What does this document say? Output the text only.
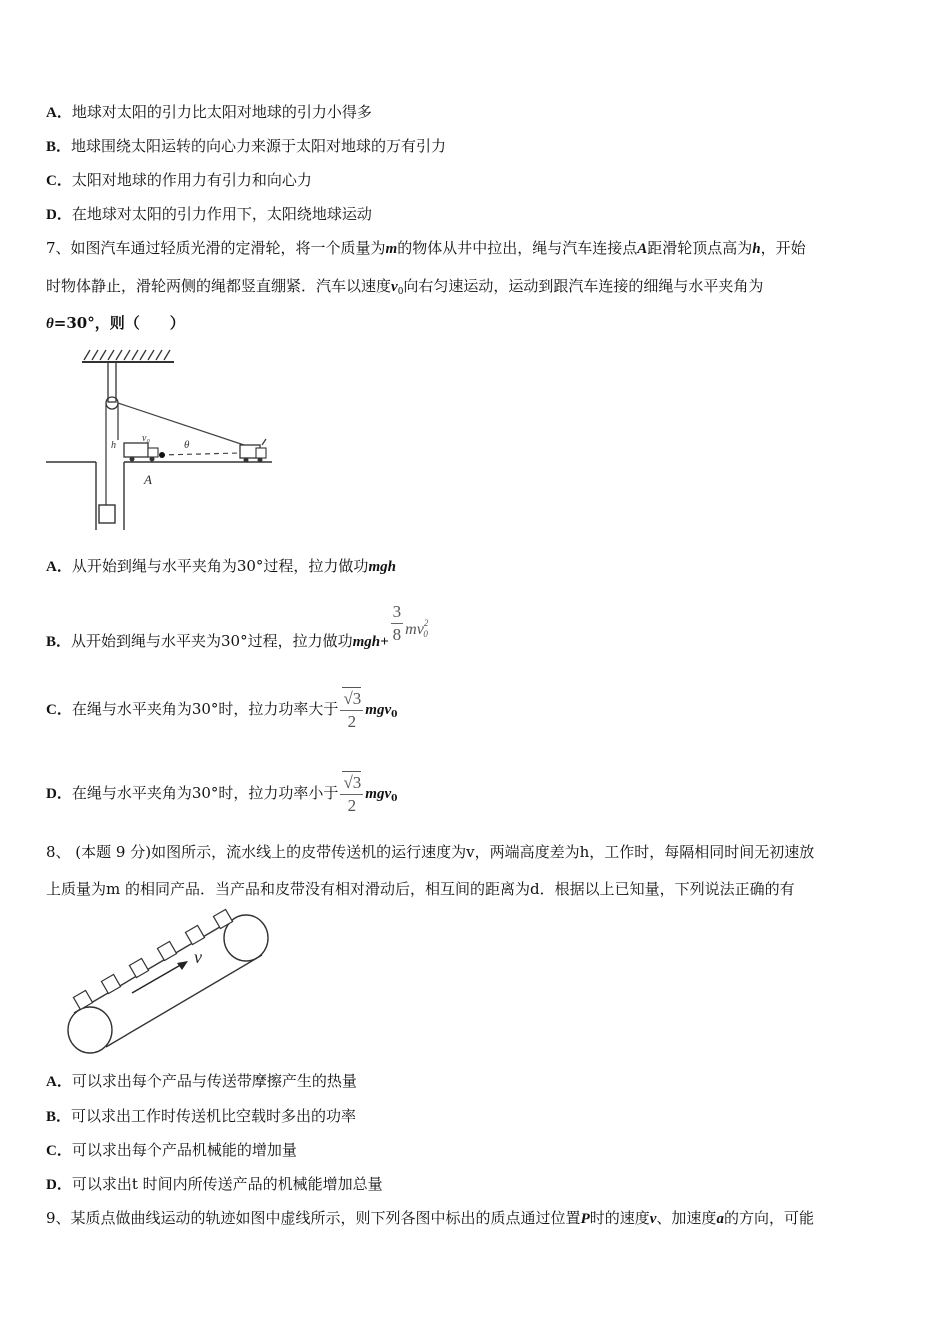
A．地球对太阳的引力比太阳对地球的引力小得多
B．地球围绕太阳运转的向心力来源于太阳对地球的万有引力
C．太阳对地球的作用力有引力和向心力
D．在地球对太阳的引力作用下，太阳绕地球运动
7、如图汽车通过轻质光滑的定滑轮，将一个质量为m的物体从井中拉出，绳与汽车连接点A距滑轮顶点高为h，开始
时物体静止，滑轮两侧的绳都竖直绷紧．汽车以速度$v_0$向右匀速运动，运动到跟汽车连接的细绳与水平夹角为
θ=30°，则（　　）
h
v₀
θ
A
A．从开始到绳与水平夹角为30°过程，拉力做功mgh
B．从开始到绳与水平夹为30°过程，拉力做功$mgh+ \frac{3}{8} mv^2_0$
C．在绳与水平夹角为30°时，拉力功率大于 $\frac{√3}{2} mgv_0$
D．在绳与水平夹角为30°时，拉力功率小于 $\frac{√3}{2} mgv_0$
8、 (本题 9 分)如图所示，流水线上的皮带传送机的运行速度为v，两端高度差为h，工作时，每隔相同时间无初速放
上质量为m 的相同产品．当产品和皮带没有相对滑动后，相互间的距离为d．根据以上已知量，下列说法正确的有
v
A．可以求出每个产品与传送带摩擦产生的热量
B．可以求出工作时传送机比空载时多出的功率
C．可以求出每个产品机械能的增加量
D．可以求出t 时间内所传送产品的机械能增加总量
9、某质点做曲线运动的轨迹如图中虚线所示，则下列各图中标出的质点通过位置P时的速度v、加速度a的方向，可能
